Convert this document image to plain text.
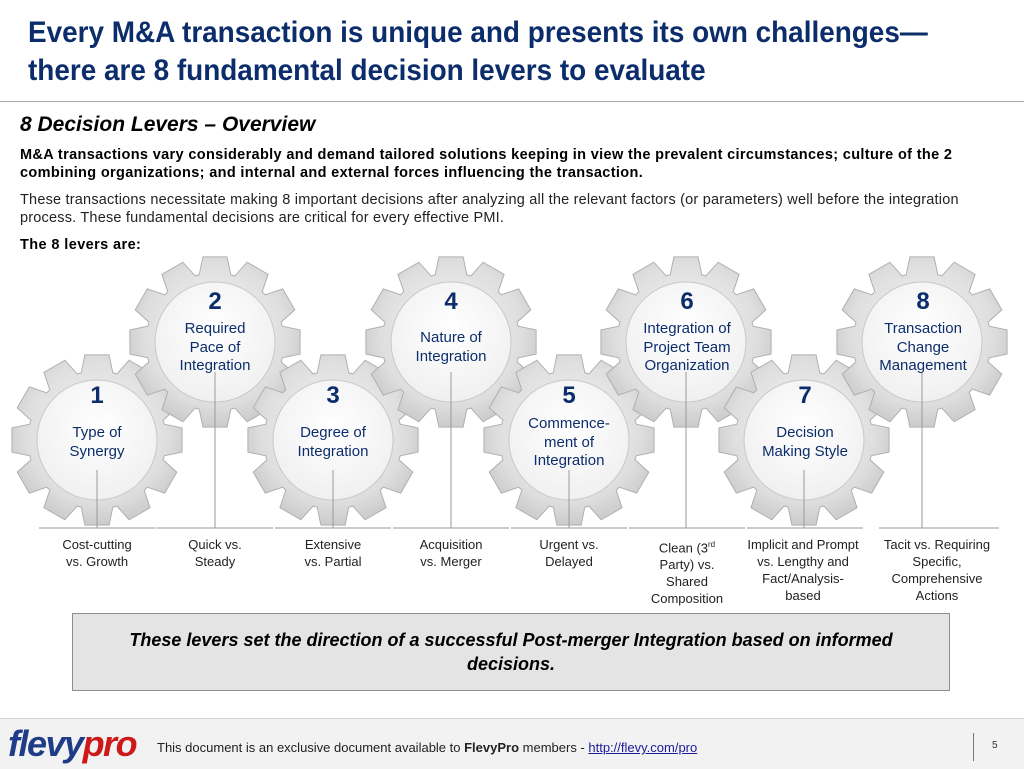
Every M&A transaction is unique and presents its own challenges—there are 8 fundamental decision levers to evaluate
8 Decision Levers – Overview

M&A transactions vary considerably and demand tailored solutions keeping in view the prevalent circumstances; culture of the 2 combining organizations; and internal and external forces influencing the transaction.

These transactions necessitate making 8 important decisions after analyzing all the relevant factors (or parameters) well before the integration process. These fundamental decisions are critical for every effective PMI.

The 8 levers are:

1
2
3
4
5
6
7
8
Type of
Synergy
Required
Pace of
Integration
Degree of
Integration
Nature of
Integration
Commence-
ment of
Integration
Integration of
Project Team
Organization
Decision
Making Style
Transaction
Change
Management
Cost-cutting
vs. Growth
Quick vs.
Steady
Extensive
vs. Partial
Acquisition
vs. Merger
Urgent vs.
Delayed
Clean (3rd
Party) vs.
Shared
Composition
Implicit and Prompt
vs. Lengthy and
Fact/Analysis-
based
Tacit vs. Requiring
Specific,
Comprehensive
Actions
These levers set the direction of a successful Post-merger Integration based on informed decisions.
flevypro This document is an exclusive document available to FlevyPro members - http://flevy.com/pro	5
